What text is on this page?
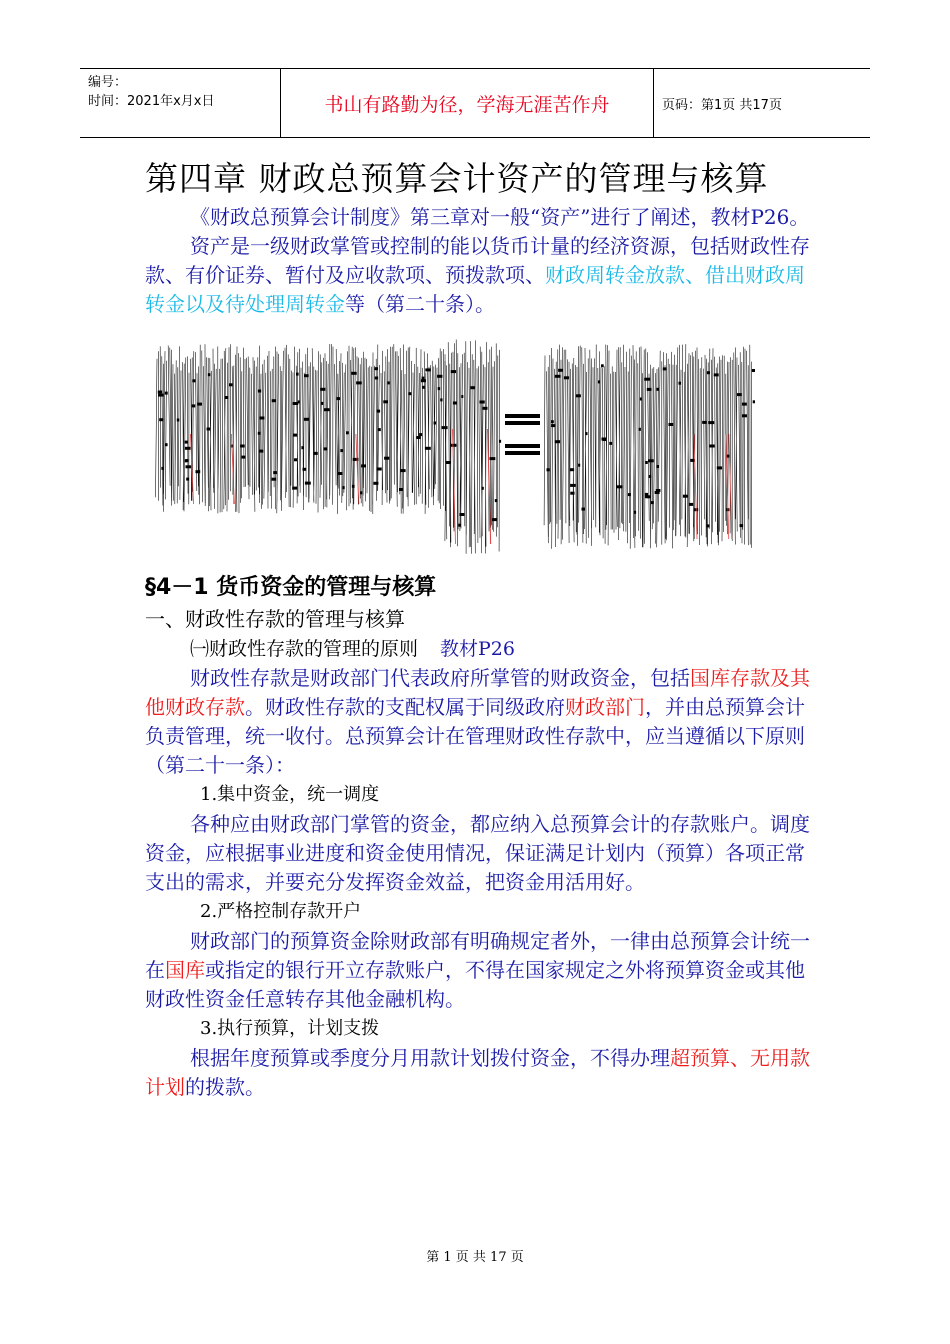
编号：
时间：2021年x月x日	书山有路勤为径，学海无涯苦作舟	页码：第1页 共17页
第四章 财政总预算会计资产的管理与核算

《财政总预算会计制度》第三章对一般“资产”进行了阐述，教材P26。

资产是一级财政掌管或控制的能以货币计量的经济资源，包括财政性存款、有价证券、暂付及应收款项、预拨款项、财政周转金放款、借出财政周转金以及待处理周转金等（第二十条）。

§4－1 货币资金的管理与核算
一、财政性存款的管理与核算
㈠财政性存款的管理的原则 教材P26

财政性存款是财政部门代表政府所掌管的财政资金，包括国库存款及其他财政存款。财政性存款的支配权属于同级政府财政部门，并由总预算会计负责管理，统一收付。总预算会计在管理财政性存款中，应当遵循以下原则（第二十一条）：

1.集中资金，统一调度

各种应由财政部门掌管的资金，都应纳入总预算会计的存款账户。调度资金，应根据事业进度和资金使用情况，保证满足计划内（预算）各项正常支出的需求，并要充分发挥资金效益，把资金用活用好。

2.严格控制存款开户

财政部门的预算资金除财政部有明确规定者外，一律由总预算会计统一在国库或指定的银行开立存款账户，不得在国家规定之外将预算资金或其他财政性资金任意转存其他金融机构。

3.执行预算，计划支拨

根据年度预算或季度分月用款计划拨付资金，不得办理超预算、无用款计划的拨款。

第 1 页 共 17 页
